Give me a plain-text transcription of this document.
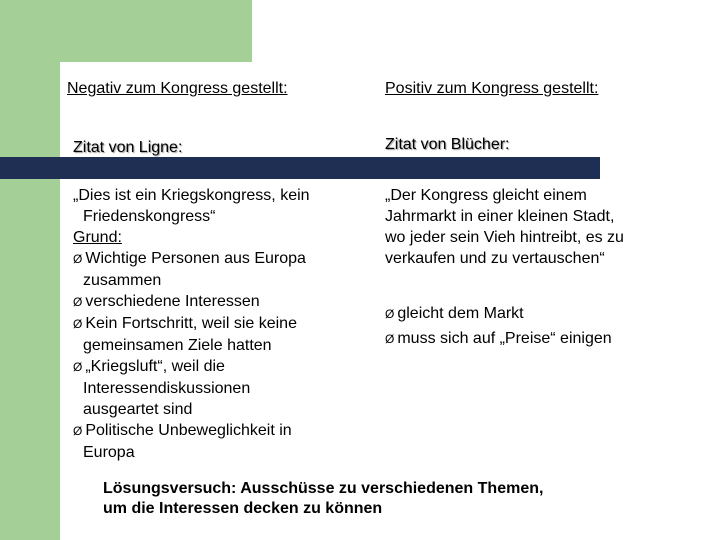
Negativ zum Kongress gestellt:	Positiv zum Kongress gestellt:
Zitat von Ligne:	Zitat von Blücher:

„Dies ist ein Kriegskongress, kein

Friedenskongress“

Grund:

Ø Wichtige Personen aus Europa

zusammen

Ø verschiedene Interessen

Ø Kein Fortschritt, weil sie keine

gemeinsamen Ziele hatten

Ø „Kriegsluft“, weil die

Interessendiskussionen

ausgeartet sind

Ø Politische Unbeweglichkeit in

Europa

„Der Kongress gleicht einem

Jahrmarkt in einer kleinen Stadt,

wo jeder sein Vieh hintreibt, es zu

verkaufen und zu vertauschen“

Ø gleicht dem Markt

Ø muss sich auf „Preise“ einigen

Lösungsversuch: Ausschüsse zu verschiedenen Themen,
um die Interessen decken zu können
